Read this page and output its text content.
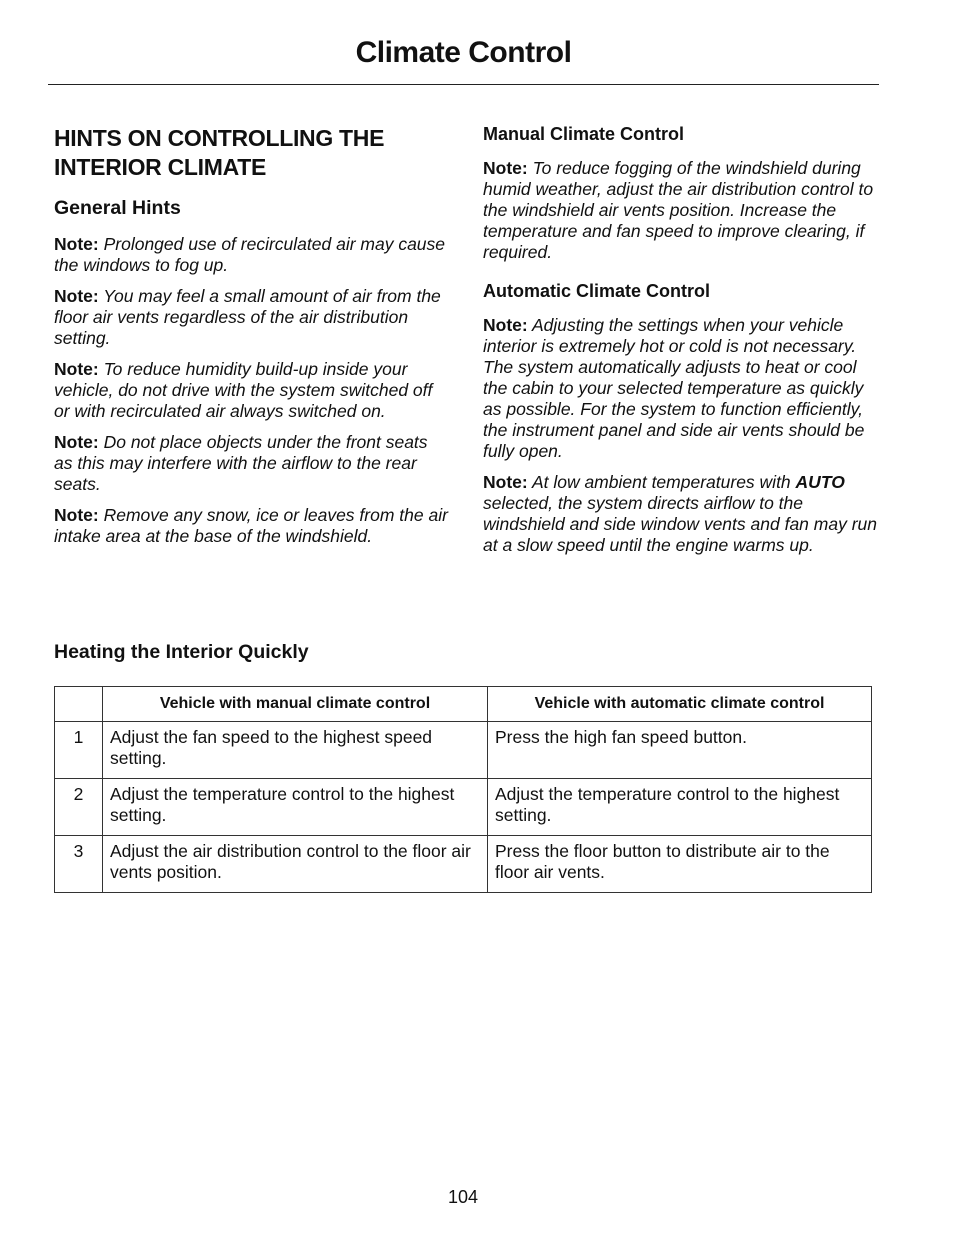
Climate Control
HINTS ON CONTROLLING THE INTERIOR CLIMATE
General Hints

Note: Prolonged use of recirculated air may cause the windows to fog up.

Note: You may feel a small amount of air from the floor air vents regardless of the air distribution setting.

Note: To reduce humidity build-up inside your vehicle, do not drive with the system switched off or with recirculated air always switched on.

Note: Do not place objects under the front seats as this may interfere with the airflow to the rear seats.

Note: Remove any snow, ice or leaves from the air intake area at the base of the windshield.

Manual Climate Control

Note: To reduce fogging of the windshield during humid weather, adjust the air distribution control to the windshield air vents position. Increase the temperature and fan speed to improve clearing, if required.

Automatic Climate Control

Note: Adjusting the settings when your vehicle interior is extremely hot or cold is not necessary. The system automatically adjusts to heat or cool the cabin to your selected temperature as quickly as possible. For the system to function efficiently, the instrument panel and side air vents should be fully open.

Note: At low ambient temperatures with AUTO selected, the system directs airflow to the windshield and side window vents and fan may run at a slow speed until the engine warms up.

Heating the Interior Quickly
	Vehicle with manual climate control	Vehicle with automatic climate control
1	Adjust the fan speed to the highest speed setting.	Press the high fan speed button.
2	Adjust the temperature control to the highest setting.	Adjust the temperature control to the highest setting.
3	Adjust the air distribution control to the floor air vents position.	Press the floor button to distribute air to the floor air vents.
104
